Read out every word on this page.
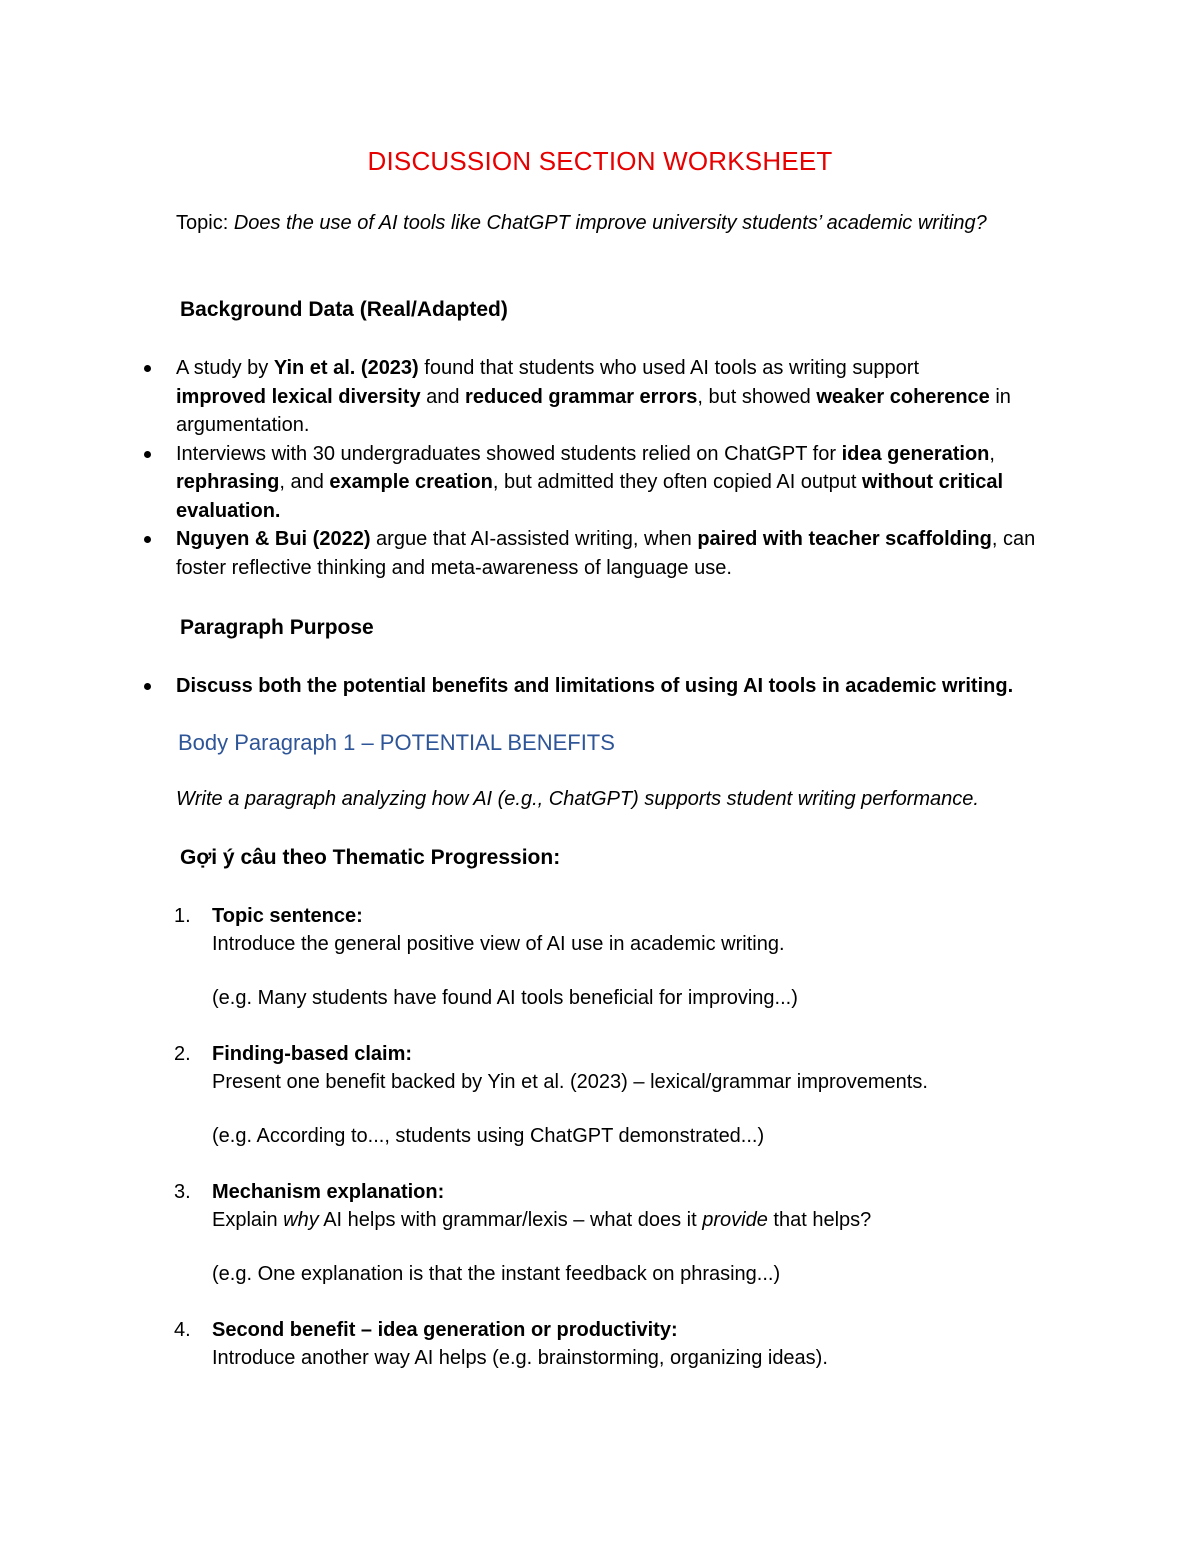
DISCUSSION SECTION WORKSHEET
Topic: Does the use of AI tools like ChatGPT improve university students’ academic writing?
Background Data (Real/Adapted)
A study by Yin et al. (2023) found that students who used AI tools as writing support
improved lexical diversity and reduced grammar errors, but showed weaker coherence in argumentation.
Interviews with 30 undergraduates showed students relied on ChatGPT for idea generation,
rephrasing, and example creation, but admitted they often copied AI output without critical evaluation.
Nguyen & Bui (2022) argue that AI-assisted writing, when paired with teacher scaffolding, can foster reflective thinking and meta-awareness of language use.
Paragraph Purpose
Discuss both the potential benefits and limitations of using AI tools in academic writing.
Body Paragraph 1 – POTENTIAL BENEFITS
Write a paragraph analyzing how AI (e.g., ChatGPT) supports student writing performance.
Gợi ý câu theo Thematic Progression:
1. Topic sentence:
Introduce the general positive view of AI use in academic writing.
(e.g. Many students have found AI tools beneficial for improving...)
2. Finding-based claim:
Present one benefit backed by Yin et al. (2023) – lexical/grammar improvements.
(e.g. According to..., students using ChatGPT demonstrated...)
3. Mechanism explanation:
Explain why AI helps with grammar/lexis – what does it provide that helps?
(e.g. One explanation is that the instant feedback on phrasing...)
4. Second benefit – idea generation or productivity:
Introduce another way AI helps (e.g. brainstorming, organizing ideas).
